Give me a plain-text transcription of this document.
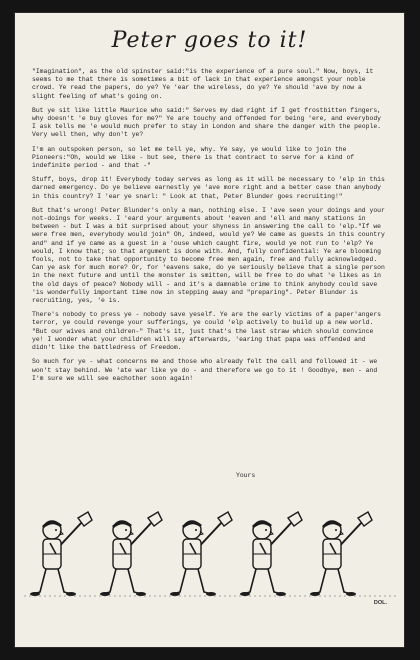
Peter goes to it!

"Imagination", as the old spinster said:"is the experience of a pure soul." Now, boys, it seems to me that there is sometimes a bit of lack in that experience amongst your noble crowd. Ye read the papers, do ye? Ye 'ear the wireless, do ye? Ye should 'ave by now a slight feeling of what's going on.

But ye sit like little Maurice who said:" Serves my dad right if I get frostbitten fingers, why doesn't 'e buy gloves for me?" Ye are touchy and offended for being 'ere, and everybody I ask tells me 'e would much prefer to stay in London and share the danger with the people. Very well then, why don't ye?

I'm an outspoken person, so let me tell ye, why. Ye say, ye would like to join the Pioneers:"Oh, would we like - but see, there is that contract to serve for a kind of indefinite period - and that -"

Stuff, boys, drop it! Everybody today serves as long as it will be necessary to 'elp in this darned emergency. Do ye believe earnestly ye 'ave more right and a better case than anybody in this country? I 'ear ye snarl: " Look at that, Peter Blunder goes recruiting!"

But that's wrong! Peter Blunder's only a man, nothing else. I 'ave seen your doings and your not-doings for weeks. I 'eard your arguments about 'eaven and 'ell and many stations in between - but I was a bit surprised about your shyness in answering the call to 'elp."If we were free men, everybody would join" Oh, indeed, would ye? We came as guests in this country and" and if ye came as a guest in a 'ouse which caught fire, would ye not run to 'elp? Ye would, I know that; so that argument is done with. And, fully confidential: Ye are blooming fools, not to take that opportunity to become free men again, free and fully acknowledged. Can ye ask for much more? Or, for 'eavens sake, do ye seriously believe that a single person in the next future and until the monster is smitten, will be free to do what 'e likes as in the old days of peace? Nobody will - and it's a damnable crime to think anybody could save 'is wonderfully important time now in stepping away and "preparing". Peter Blunder is recruiting, yes, 'e is.

There's nobody to press ye - nobody save yeself. Ye are the early victims of a paper'angers terror, ye could revenge your sufferings, ye could 'elp actively to build up a new world. "But our wives and children-" That's it, just that's the last straw which should convince ye! I wonder what your children will say afterwards, 'earing that papa was offended and didn't like the battledress of Freedom.

So much for ye - what concerns me and those who already felt the call and followed it - we won't stay behind. We 'ate war like ye do - and therefore we go to it ! Goodbye, men - and I'm sure we will see eachother soon again!

Yours
DOL.
